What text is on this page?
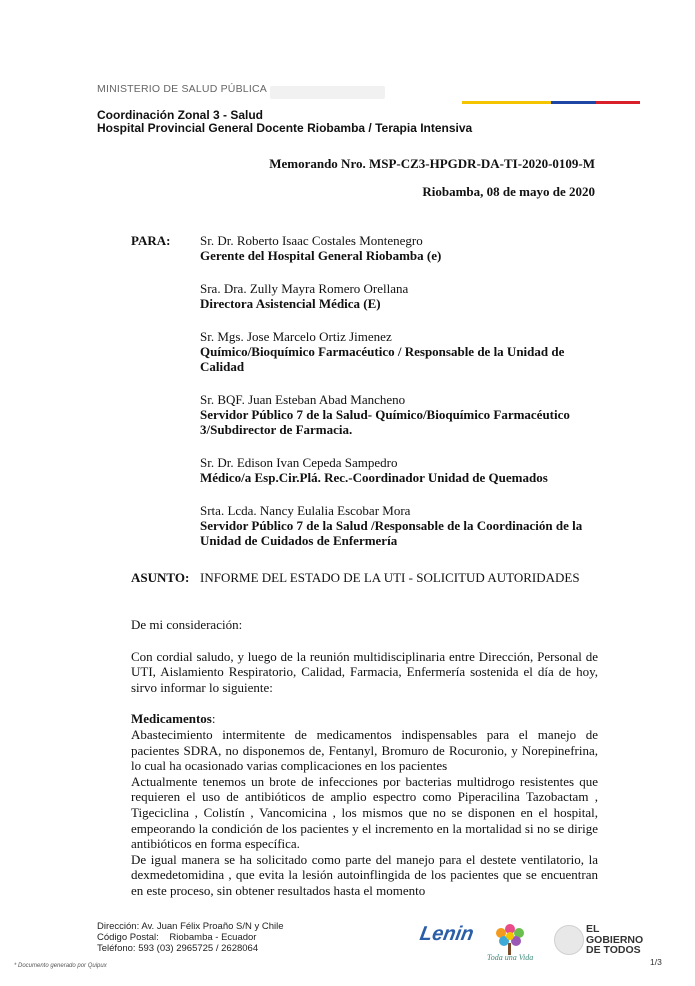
MINISTERIO DE SALUD PÚBLICA
Coordinación Zonal 3 - Salud
Hospital Provincial General Docente Riobamba / Terapia Intensiva
Memorando Nro. MSP-CZ3-HPGDR-DA-TI-2020-0109-M
Riobamba, 08 de mayo de 2020
PARA: Sr. Dr. Roberto Isaac Costales Montenegro
Gerente del Hospital General Riobamba (e)
Sra. Dra. Zully Mayra Romero Orellana
Directora Asistencial Médica (E)
Sr. Mgs. Jose Marcelo Ortiz Jimenez
Químico/Bioquímico Farmacéutico / Responsable de la Unidad de Calidad
Sr. BQF. Juan Esteban Abad Mancheno
Servidor Público 7 de la Salud- Químico/Bioquímico Farmacéutico 3/Subdirector de Farmacia.
Sr. Dr. Edison Ivan Cepeda Sampedro
Médico/a Esp.Cir.Plá. Rec.-Coordinador Unidad de Quemados
Srta. Lcda. Nancy Eulalia Escobar Mora
Servidor Público 7 de la Salud /Responsable de la Coordinación de la Unidad de Cuidados de Enfermería
ASUNTO: INFORME DEL ESTADO DE LA UTI - SOLICITUD AUTORIDADES

De mi consideración:

Con cordial saludo, y luego de la reunión multidisciplinaria entre Dirección, Personal de UTI, Aislamiento Respiratorio, Calidad, Farmacia, Enfermería sostenida el día de hoy, sirvo informar lo siguiente:

Medicamentos:

Abastecimiento intermitente de medicamentos indispensables para el manejo de pacientes SDRA, no disponemos de, Fentanyl, Bromuro de Rocuronio, y Norepinefrina, lo cual ha ocasionado varias complicaciones en los pacientes

Actualmente tenemos un brote de infecciones por bacterias multidrogo resistentes que requieren el uso de antibióticos de amplio espectro como Piperacilina Tazobactam , Tigeciclina , Colistín , Vancomicina , los mismos que no se disponen en el hospital, empeorando la condición de los pacientes y el incremento en la mortalidad si no se dirige antibióticos en forma específica.

De igual manera se ha solicitado como parte del manejo para el destete ventilatorio, la dexmedetomidina , que evita la lesión autoinflingida de los pacientes que se encuentran en este proceso, sin obtener resultados hasta el momento

Dirección: Av. Juan Félix Proaño S/N y Chile
Código Postal:    Riobamba - Ecuador
Teléfono: 593 (03) 2965725 / 2628064
* Documento generado por Quipux	1/3
Lenin
Toda una Vida
EL
GOBIERNO
DE TODOS
